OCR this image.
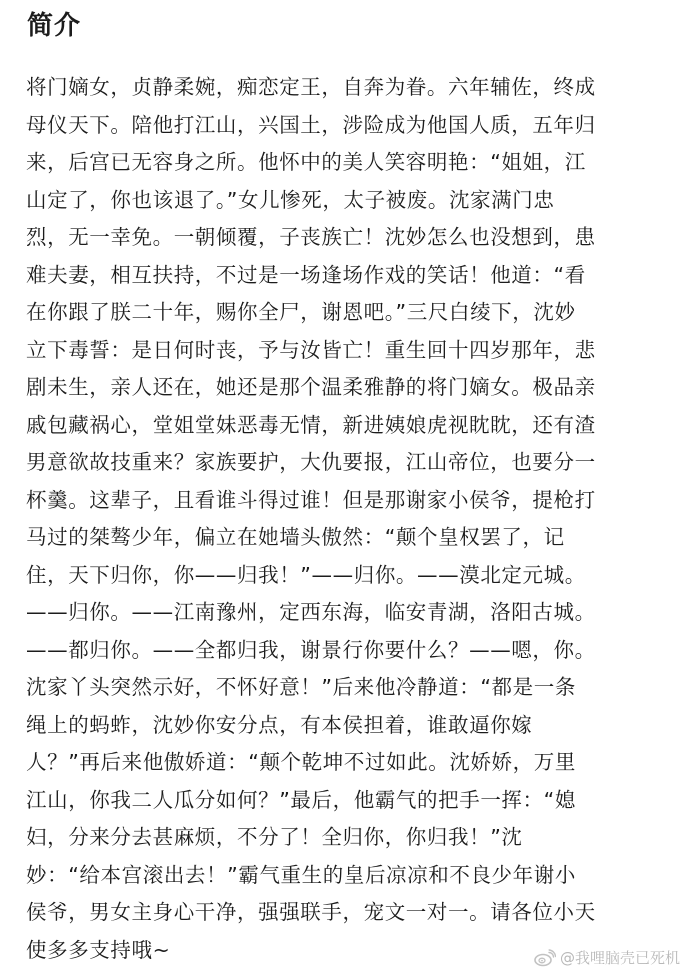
简介
将门嫡女，贞静柔婉，痴恋定王，自奔为眷。六年辅佐，终成
母仪天下。陪他打江山，兴国土，涉险成为他国人质，五年归
来，后宫已无容身之所。他怀中的美人笑容明艳：“姐姐，江
山定了，你也该退了。”女儿惨死，太子被废。沈家满门忠
烈，无一幸免。一朝倾覆，子丧族亡！沈妙怎么也没想到，患
难夫妻，相互扶持，不过是一场逢场作戏的笑话！他道：“看
在你跟了朕二十年，赐你全尸，谢恩吧。”三尺白绫下，沈妙
立下毒誓：是日何时丧，予与汝皆亡！重生回十四岁那年，悲
剧未生，亲人还在，她还是那个温柔雅静的将门嫡女。极品亲
戚包藏祸心，堂姐堂妹恶毒无情，新进姨娘虎视眈眈，还有渣
男意欲故技重来？家族要护，大仇要报，江山帝位，也要分一
杯羹。这辈子，且看谁斗得过谁！但是那谢家小侯爷，提枪打
马过的桀骜少年，偏立在她墙头傲然：“颠个皇权罢了，记
住，天下归你，你——归我！”——归你。——漠北定元城。
——归你。——江南豫州，定西东海，临安青湖，洛阳古城。
——都归你。——全都归我，谢景行你要什么？——嗯，你。
沈家丫头突然示好，不怀好意！”后来他冷静道：“都是一条
绳上的蚂蚱，沈妙你安分点，有本侯担着，谁敢逼你嫁
人？”再后来他傲娇道：“颠个乾坤不过如此。沈娇娇，万里
江山，你我二人瓜分如何？”最后，他霸气的把手一挥：“媳
妇，分来分去甚麻烦，不分了！全归你，你归我！”沈
妙：“给本宫滚出去！”霸气重生的皇后凉凉和不良少年谢小
侯爷，男女主身心干净，强强联手，宠文一对一。请各位小天
使多多支持哦~	@我哩脑壳已死机
